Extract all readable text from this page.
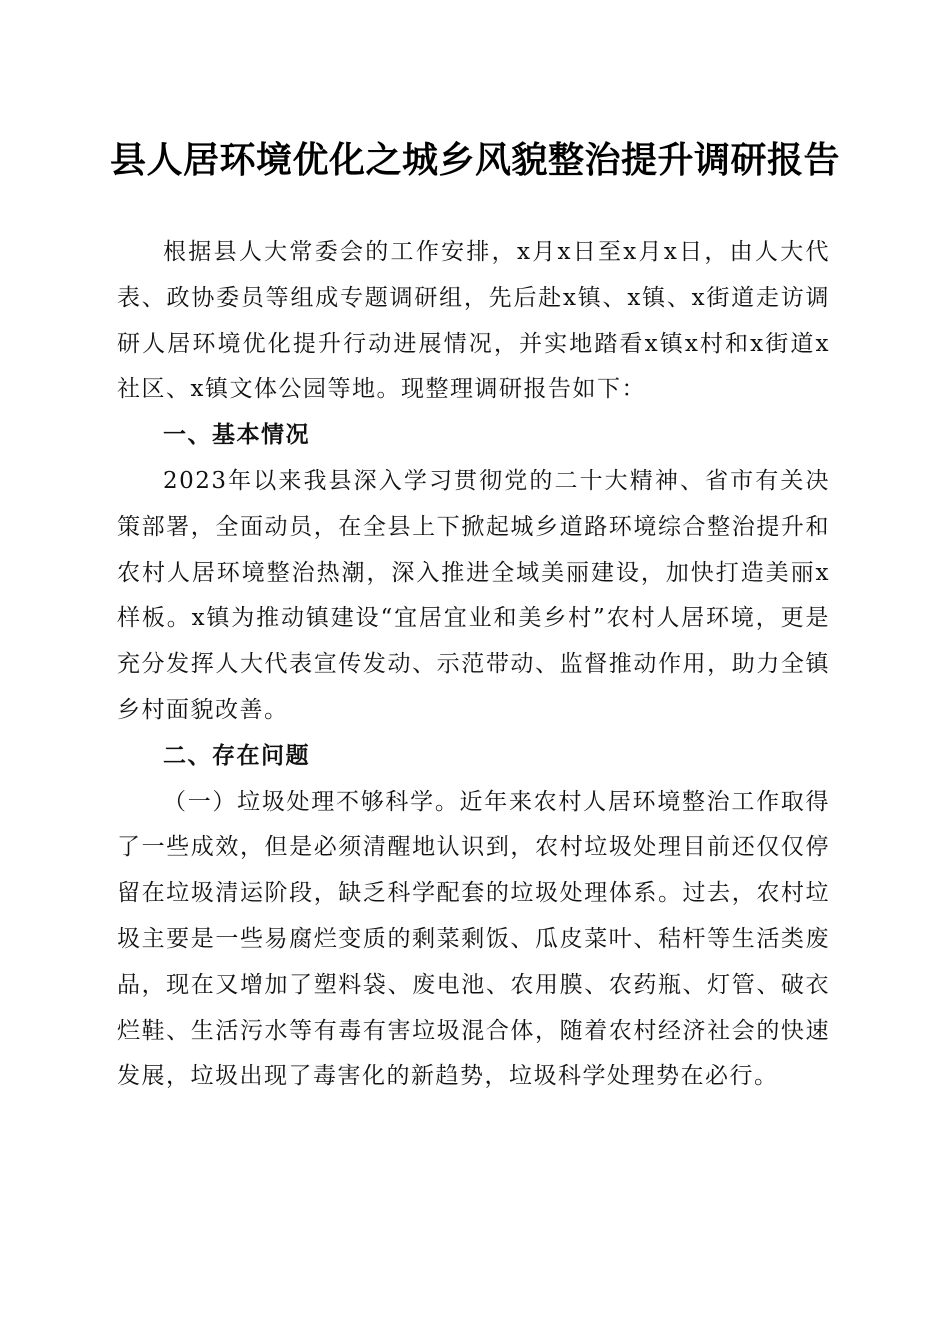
县人居环境优化之城乡风貌整治提升调研报告

根据县人大常委会的工作安排，x月x日至x月x日，由人大代表、政协委员等组成专题调研组，先后赴x镇、x镇、x街道走访调研人居环境优化提升行动进展情况，并实地踏看x镇x村和x街道x社区、x镇文体公园等地。现整理调研报告如下：

一、基本情况

2023年以来我县深入学习贯彻党的二十大精神、省市有关决策部署，全面动员，在全县上下掀起城乡道路环境综合整治提升和农村人居环境整治热潮，深入推进全域美丽建设，加快打造美丽x样板。x镇为推动镇建设“宜居宜业和美乡村”农村人居环境，更是充分发挥人大代表宣传发动、示范带动、监督推动作用，助力全镇乡村面貌改善。

二、存在问题

（一）垃圾处理不够科学。近年来农村人居环境整治工作取得了一些成效，但是必须清醒地认识到，农村垃圾处理目前还仅仅停留在垃圾清运阶段，缺乏科学配套的垃圾处理体系。过去，农村垃圾主要是一些易腐烂变质的剩菜剩饭、瓜皮菜叶、秸杆等生活类废品，现在又增加了塑料袋、废电池、农用膜、农药瓶、灯管、破衣烂鞋、生活污水等有毒有害垃圾混合体，随着农村经济社会的快速发展，垃圾出现了毒害化的新趋势，垃圾科学处理势在必行。
